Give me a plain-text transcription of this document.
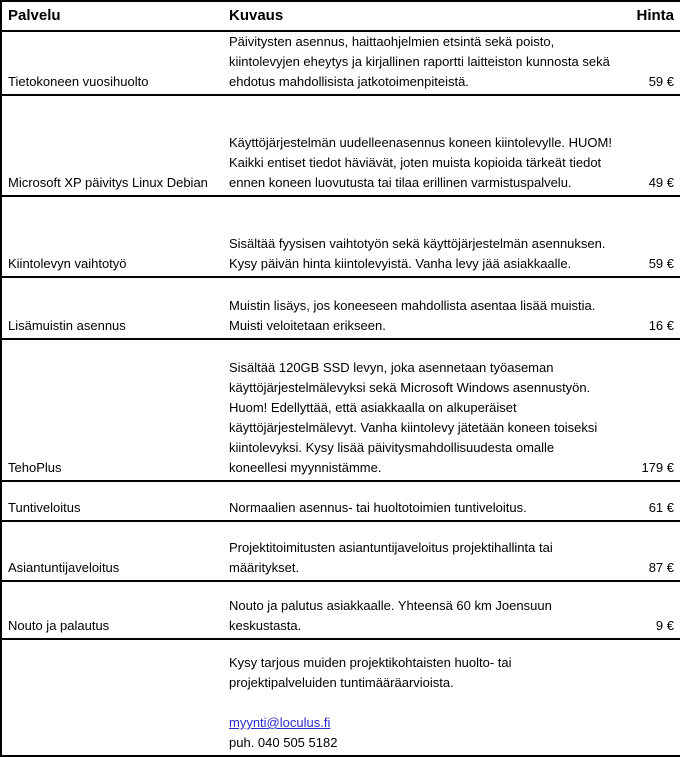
Palvelu	Kuvaus	Hinta
Tietokoneen vuosihuolto	Päivitysten asennus, haittaohjelmien etsintä sekä poisto, kiintolevyjen eheytys ja kirjallinen raportti laitteiston kunnosta sekä ehdotus mahdollisista jatkotoimenpiteistä.	59 €
Microsoft XP päivitys Linux Debian	Käyttöjärjestelmän uudelleenasennus koneen kiintolevylle. HUOM! Kaikki entiset tiedot häviävät, joten muista kopioida tärkeät tiedot ennen koneen luovutusta tai tilaa erillinen varmistuspalvelu.	49 €
Kiintolevyn vaihtotyö	Sisältää fyysisen vaihtotyön sekä käyttöjärjestelmän asennuksen. Kysy päivän hinta kiintolevyistä. Vanha levy jää asiakkaalle.	59 €
Lisämuistin asennus	Muistin lisäys, jos koneeseen mahdollista asentaa lisää muistia. Muisti veloitetaan erikseen.	16 €
TehoPlus	Sisältää 120GB SSD levyn, joka asennetaan työaseman käyttöjärjestelmälevyksi sekä Microsoft Windows asennustyön. Huom! Edellyttää, että asiakkaalla on alkuperäiset käyttöjärjestelmälevyt. Vanha kiintolevy jätetään koneen toiseksi kiintolevyksi. Kysy lisää päivitysmahdollisuudesta omalle koneellesi myynnistämme.	179 €
Tuntiveloitus	Normaalien asennus- tai huoltotoimien tuntiveloitus.	61 €
Asiantuntijaveloitus	Projektitoimitusten asiantuntijaveloitus projektihallinta tai määritykset.	87 €
Nouto ja palautus	Nouto ja palutus asiakkaalle. Yhteensä 60 km Joensuun keskustasta.	9 €

	Kysy tarjous muiden projektikohtaisten huolto- tai projektipalveluiden tuntimääräarvioista.

myynti@loculus.fi
puh. 040 505 5182	
